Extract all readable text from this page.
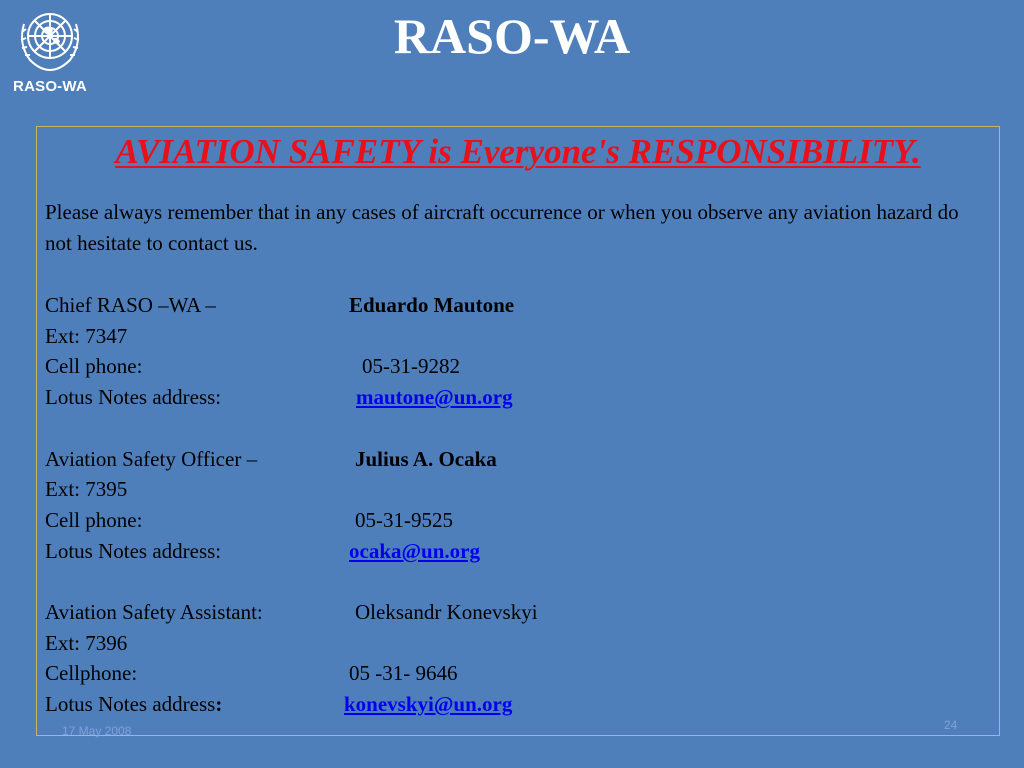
RASO-WA
RASO-WA
AVIATION SAFETY is Everyone's RESPONSIBILITY.
Please always remember that in any cases of aircraft occurrence or when you observe any aviation hazard do not hesitate to contact us.
Chief RASO –WA –	Eduardo Mautone
Ext: 7347
Cell phone:	05-31-9282
Lotus Notes address:	mautone@un.org
Aviation Safety Officer –	Julius A. Ocaka
Ext: 7395
Cell phone:	05-31-9525
Lotus Notes address:	ocaka@un.org
Aviation Safety Assistant:	Oleksandr Konevskyi
Ext: 7396
Cellphone:	05 -31- 9646
Lotus Notes address:	konevskyi@un.org
17 May 2008	24
